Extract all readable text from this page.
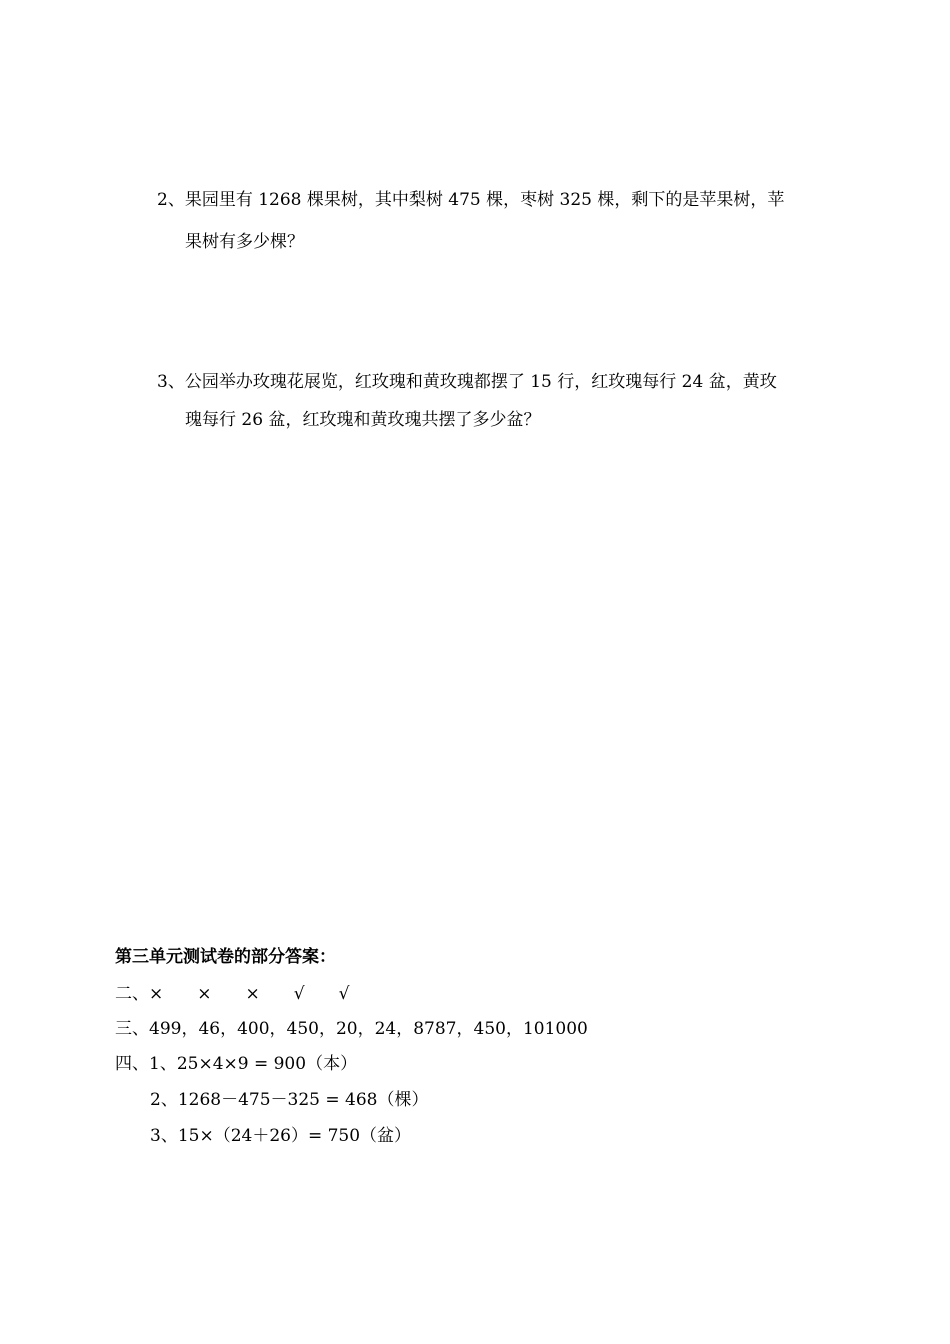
2、果园里有 1268 棵果树，其中梨树 475 棵，枣树 325 棵，剩下的是苹果树，苹
果树有多少棵？
3、公园举办玫瑰花展览，红玫瑰和黄玫瑰都摆了 15 行，红玫瑰每行 24 盆，黄玫
瑰每行 26 盆，红玫瑰和黄玫瑰共摆了多少盆？
第三单元测试卷的部分答案：
二、×　　×　　×　　√　　√
三、499，46，400，450，20，24，8787，450，101000
四、1、25×4×9 = 900（本）
2、1268－475－325 = 468（棵）
3、15×（24＋26）= 750（盆）
